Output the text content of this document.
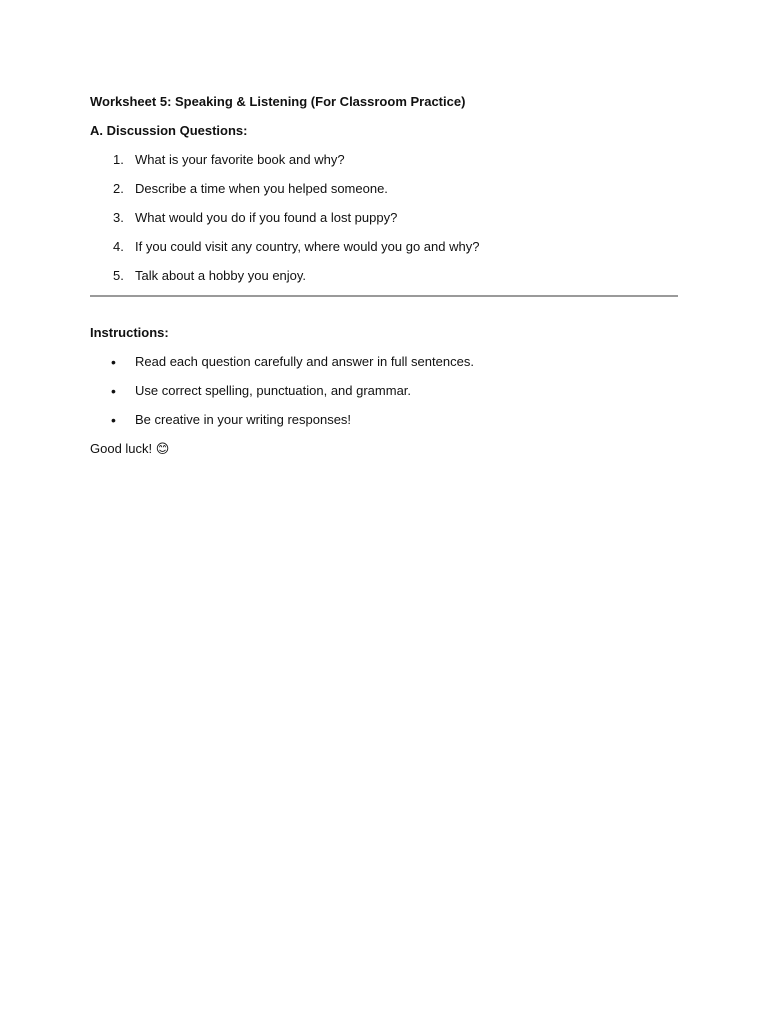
Worksheet 5: Speaking & Listening (For Classroom Practice)

A. Discussion Questions:

1. What is your favorite book and why?
2. Describe a time when you helped someone.
3. What would you do if you found a lost puppy?
4. If you could visit any country, where would you go and why?
5. Talk about a hobby you enjoy.

Instructions:

• Read each question carefully and answer in full sentences.
• Use correct spelling, punctuation, and grammar.
• Be creative in your writing responses!

Good luck! 😊
